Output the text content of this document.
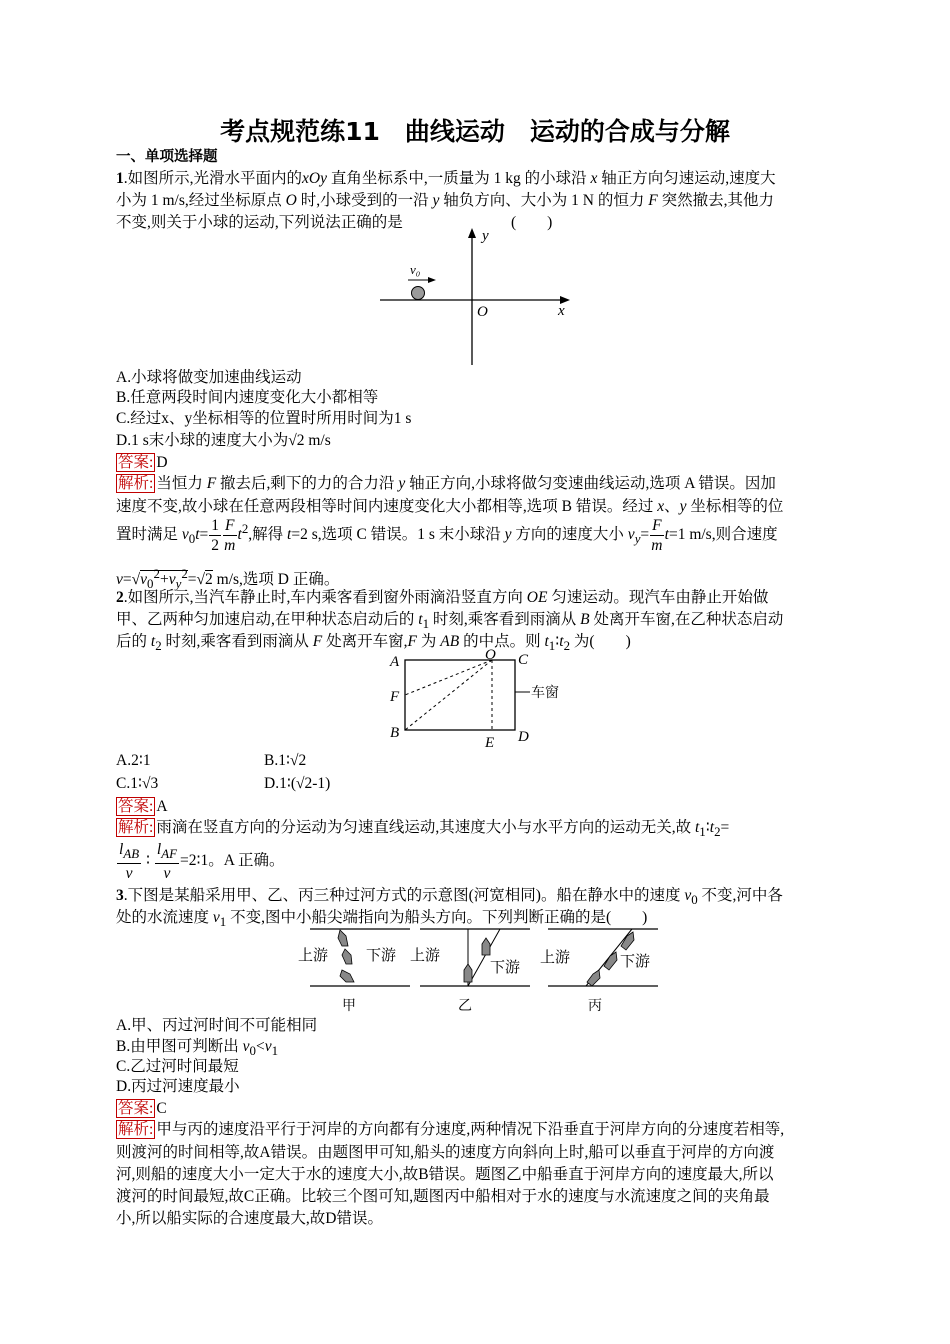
考点规范练11　曲线运动　运动的合成与分解
一、单项选择题
1.如图所示,光滑水平面内的xOy 直角坐标系中,一质量为 1 kg 的小球沿 x 轴正方向匀速运动,速度大
小为 1 m/s,经过坐标原点 O 时,小球受到的一沿 y 轴负方向、大小为 1 N 的恒力 F 突然撤去,其他力
不变,则关于小球的运动,下列说法正确的是	(　　)
y
x
O
v₀
A.小球将做变加速曲线运动
B.任意两段时间内速度变化大小都相等
C.经过x、y坐标相等的位置时所用时间为1 s
D.1 s末小球的速度大小为√2 m/s
答案: D
解析: 当恒力 F 撤去后,剩下的力的合力沿 y 轴正方向,小球将做匀变速曲线运动,选项 A 错误。因加
速度不变,故小球在任意两段相等时间内速度变化大小都相等,选项 B 错误。经过 x、y 坐标相等的位
置时满足 $v_0t= \frac{1}{2} \frac{F}{m} t^2$,解得 t=2 s,选项 C 错误。1 s 末小球沿 y 方向的速度大小 $v_y= \frac{F}{m} t=1$ m/s,则合速度
$v=√v_0^2+v_y^2=√2$ m/s,选项 D 正确。
2.如图所示,当汽车静止时,车内乘客看到窗外雨滴沿竖直方向 OE 匀速运动。现汽车由静止开始做
甲、乙两种匀加速启动,在甲种状态启动后的 $t_1$ 时刻,乘客看到雨滴从 B 处离开车窗,在乙种状态启动
后的 $t_2$ 时刻,乘客看到雨滴从 F 处离开车窗,F 为 AB 的中点。则 $t_1∶t_2$ 为(　　)
A	O C
F
B
E D
车窗
A.2∶1	B.1∶√2
C.1∶√3	D.1∶(√2-1)
答案: A
解析: 雨滴在竖直方向的分运动为匀速直线运动,其速度大小与水平方向的运动无关,故 $t_1∶t_2=$
$\frac{l_{AB}}{v}$ ∶ $\frac{l_{AF}}{v}$ =2∶1。A 正确。
3.下图是某船采用甲、乙、丙三种过河方式的示意图(河宽相同)。船在静水中的速度 $v_0$ 不变,河中各
处的水流速度 $v_1$ 不变,图中小船尖端指向为船头方向。下列判断正确的是(　　)
上游	下游
甲
上游
下游
乙
上游	下游
丙
A.甲、丙过河时间不可能相同
B.由甲图可判断出 $v_0<v_1$
C.乙过河时间最短
D.丙过河速度最小
答案: C
解析: 甲与丙的速度沿平行于河岸的方向都有分速度,两种情况下沿垂直于河岸方向的分速度若相等,
则渡河的时间相等,故A错误。由题图甲可知,船头的速度方向斜向上时,船可以垂直于河岸的方向渡
河,则船的速度大小一定大于水的速度大小,故B错误。题图乙中船垂直于河岸方向的速度最大,所以
渡河的时间最短,故C正确。比较三个图可知,题图丙中船相对于水的速度与水流速度之间的夹角最
小,所以船实际的合速度最大,故D错误。
